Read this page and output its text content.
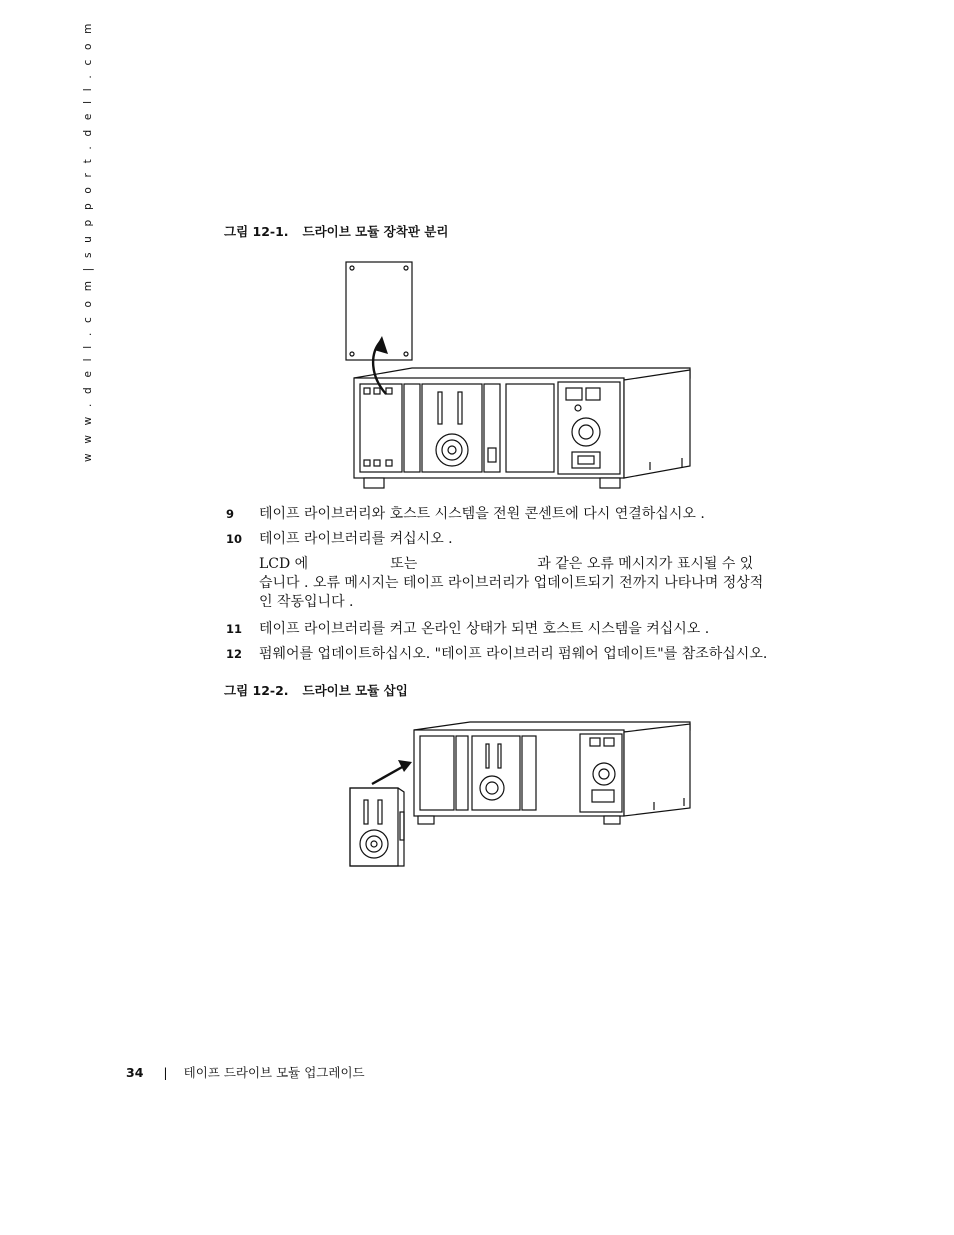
w w w . d e l l . c o m | s u p p o r t . d e l l . c o m	그림 12-1. 드라이브 모듈 장착판 분리
9	테이프 라이브러리와 호스트 시스템을 전원 콘센트에 다시 연결하십시오 .
10	테이프 라이브러리를 켜십시오 .
LCD 에	또는	과 같은 오류 메시지가 표시될 수 있
습니다 . 오류 메시지는 테이프 라이브러리가 업데이트되기 전까지 나타나며 정상적
인 작동입니다 .
11	테이프 라이브러리를 켜고 온라인 상태가 되면 호스트 시스템을 켜십시오 .
12	펌웨어를 업데이트하십시오. "테이프 라이브러리 펌웨어 업데이트"를 참조하십시오.
그림 12-2. 드라이브 모듈 삽입
34 | 테이프 드라이브 모듈 업그레이드
